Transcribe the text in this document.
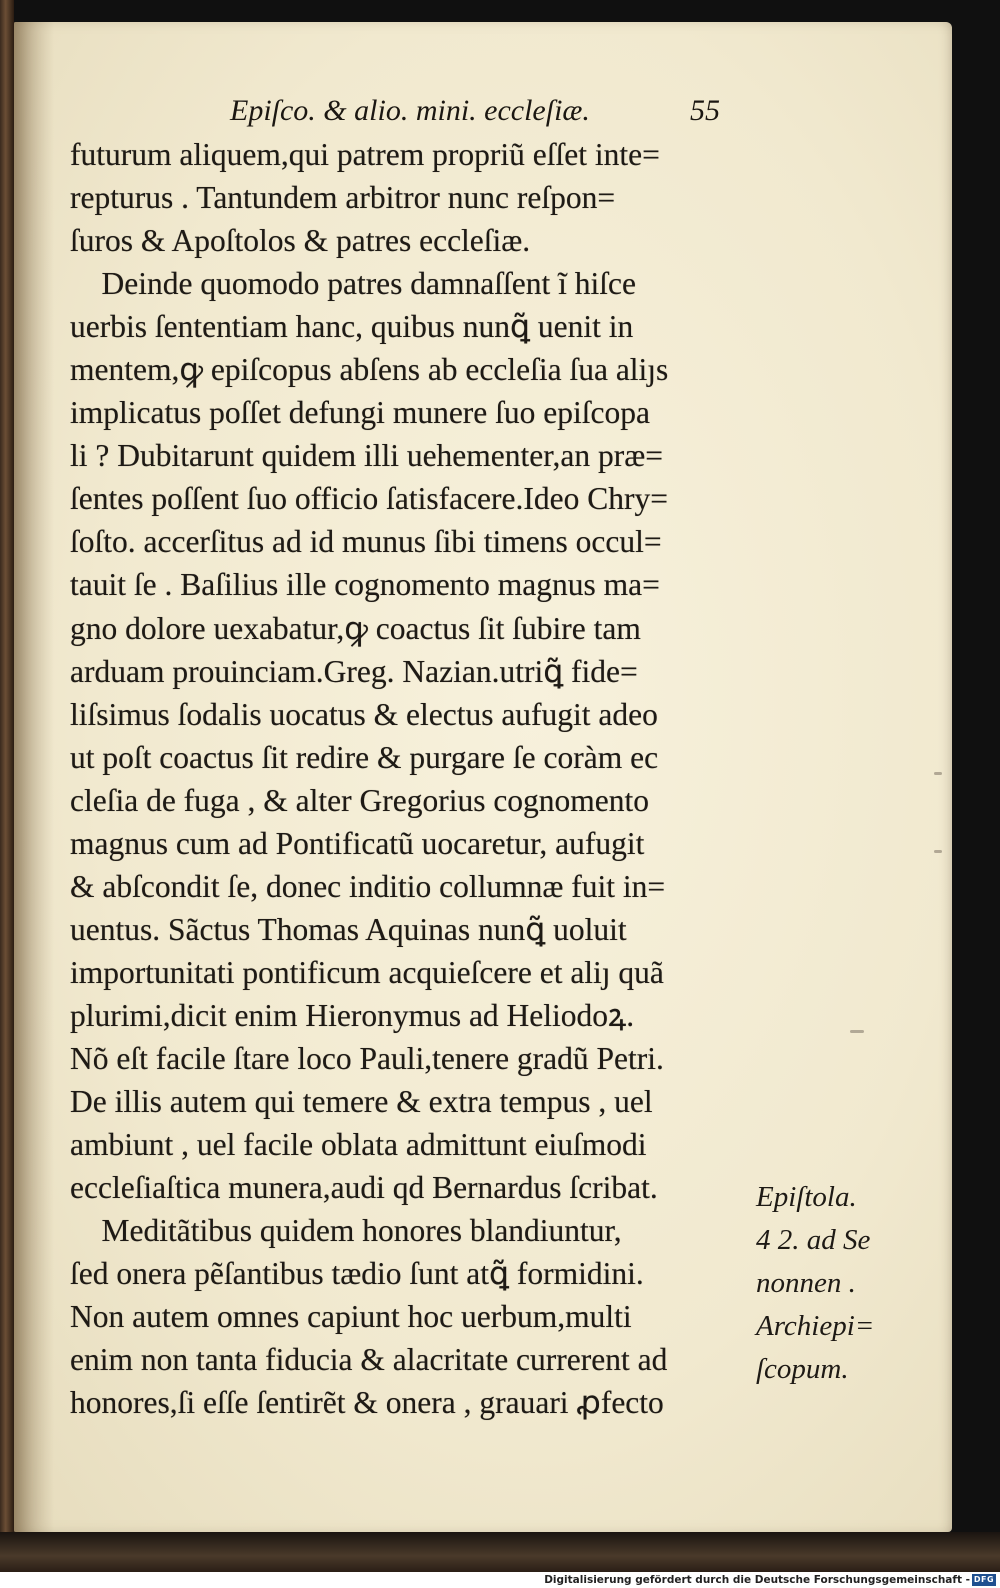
Epiſco. & alio. mini. eccleſiæ.	55
futurum aliquem,qui patrem propriũ eſſet inte=
repturus . Tantundem arbitror nunc reſpon=
ſuros & Apoſtolos & patres eccleſiæ.
Deinde quomodo patres damnaſſent ĩ hiſce
uerbis ſententiam hanc, quibus nunꝗ̃ uenit in
mentem,ꝙ epiſcopus abſens ab eccleſia ſua aliȷs
implicatus poſſet defungi munere ſuo epiſcopa
li ? Dubitarunt quidem illi uehementer,an præ=
ſentes poſſent ſuo officio ſatisfacere.Ideo Chry=
ſoſto. accerſitus ad id munus ſibi timens occul=
tauit ſe . Baſilius ille cognomento magnus ma=
gno dolore uexabatur,ꝙ coactus ſit ſubire tam
arduam prouinciam.Greg. Nazian.utriꝗ̃ fide=
liſsimus ſodalis uocatus & electus aufugit adeo
ut poſt coactus ſit redire & purgare ſe coràm ec
cleſia de fuga , & alter Gregorius cognomento
magnus cum ad Pontificatũ uocaretur, aufugit
& abſcondit ſe, donec inditio collumnæ fuit in=
uentus. Sãctus Thomas Aquinas nunꝗ̃ uoluit
importunitati pontificum acquieſcere et aliȷ quã
plurimi,dicit enim Hieronymus ad Heliodoꝝ.
Nõ eſt facile ſtare loco Pauli,tenere gradũ Petri.
De illis autem qui temere & extra tempus , uel
ambiunt , uel facile oblata admittunt eiuſmodi
eccleſiaſtica munera,audi qd Bernardus ſcribat.
Meditãtibus quidem honores blandiuntur,
ſed onera pẽſantibus tædio ſunt atꝗ̃ formidini.
Non autem omnes capiunt hoc uerbum,multi
enim non tanta fiducia & alacritate currerent ad
honores,ſi eſſe ſentirẽt & onera , grauari ꝓfecto
Epiſtola.
4 2. ad Se
nonnen .
Archiepi=
ſcopum.
Digitalisierung gefördert durch die Deutsche Forschungsgemeinschaft - DFG
